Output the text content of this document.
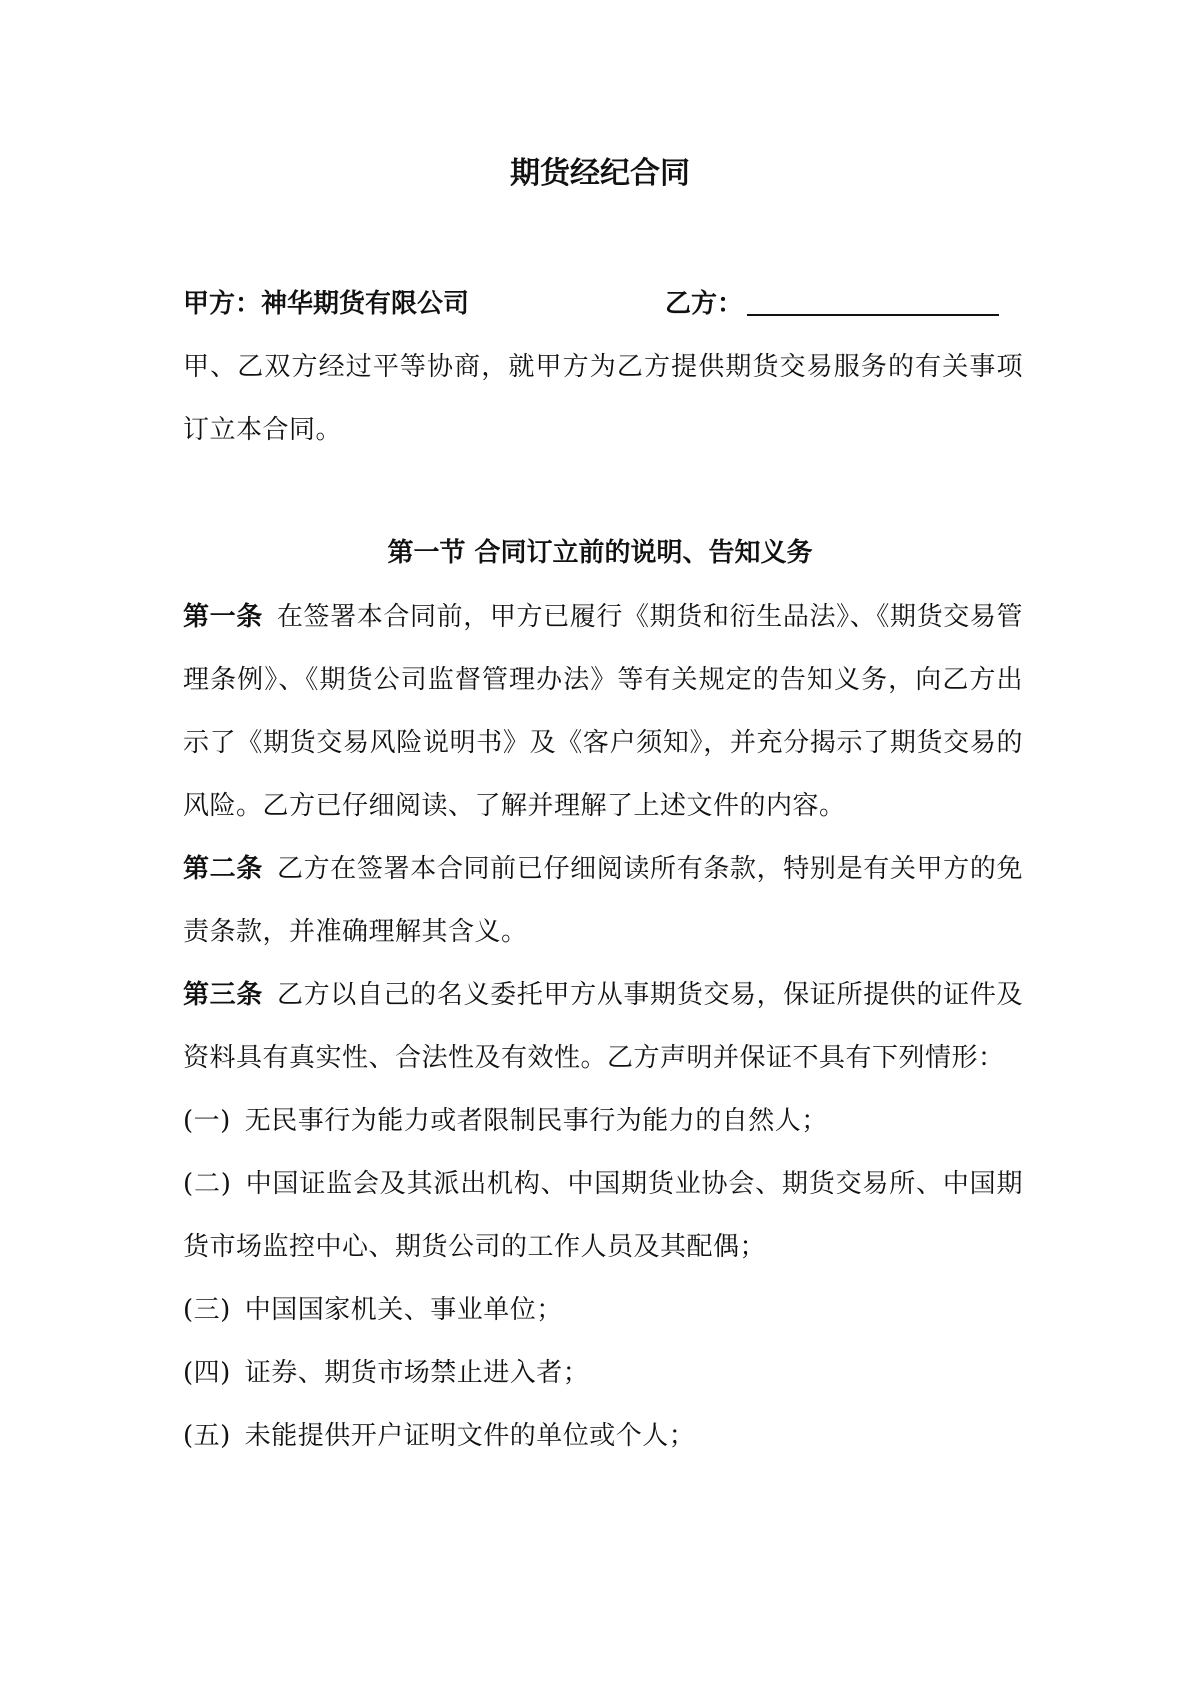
期货经纪合同
甲方：神华期货有限公司	乙方：

甲、乙双方经过平等协商，就甲方为乙方提供期货交易服务的有关事项订立本合同。

第一节 合同订立前的说明、告知义务

第一条 在签署本合同前，甲方已履行《期货和衍生品法》、《期货交易管理条例》、《期货公司监督管理办法》等有关规定的告知义务，向乙方出示了《期货交易风险说明书》及《客户须知》，并充分揭示了期货交易的风险。乙方已仔细阅读、了解并理解了上述文件的内容。

第二条 乙方在签署本合同前已仔细阅读所有条款，特别是有关甲方的免责条款，并准确理解其含义。

第三条 乙方以自己的名义委托甲方从事期货交易，保证所提供的证件及资料具有真实性、合法性及有效性。乙方声明并保证不具有下列情形：

(一) 无民事行为能力或者限制民事行为能力的自然人；

(二) 中国证监会及其派出机构、中国期货业协会、期货交易所、中国期货市场监控中心、期货公司的工作人员及其配偶；

(三) 中国国家机关、事业单位；

(四) 证券、期货市场禁止进入者；

(五) 未能提供开户证明文件的单位或个人；
